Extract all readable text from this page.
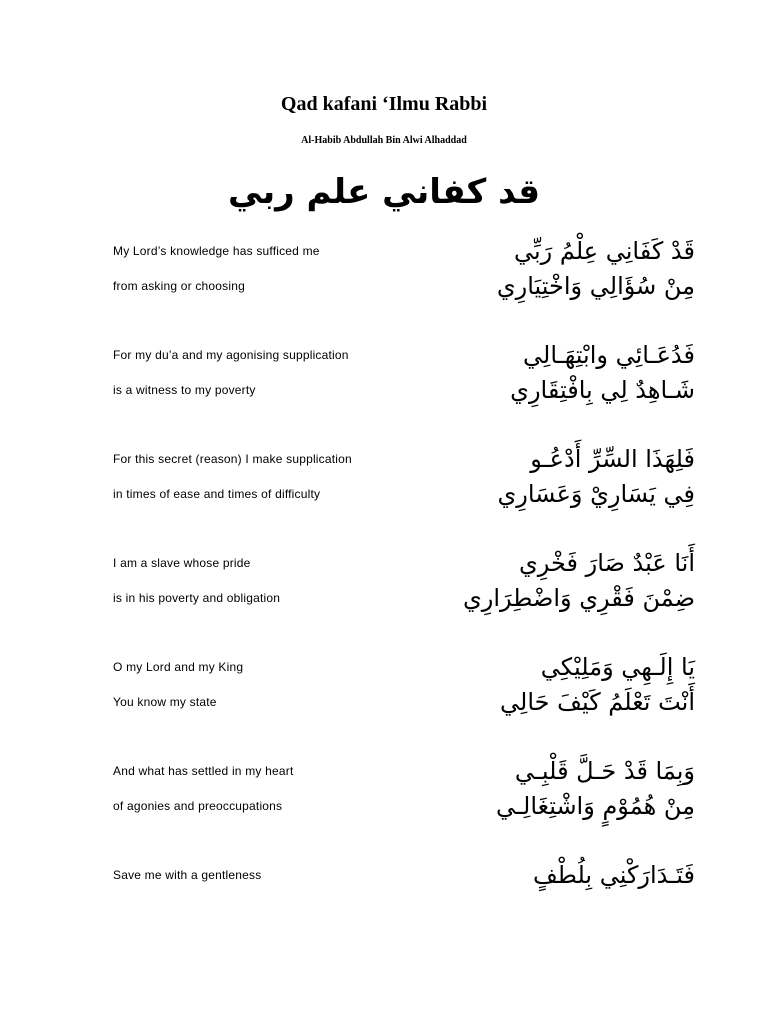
Qad kafani ‘Ilmu Rabbi
Al-Habib Abdullah Bin Alwi Alhaddad
قد كفاني علم ربي
My Lord’s knowledge has sufficed me	قَدْ كَفَانِي عِلْمُ رَبِّي
from asking or choosing	مِنْ سُؤَالِي وَاخْتِيَارِي
For my du’a and my agonising supplication	فَدُعَـائِي وابْتِهَـالِي
is a witness to my poverty	شَـاهِدٌ لِي بِافْتِقَارِي
For this secret (reason) I make supplication	فَلِهَذَا السِّرِّ أَدْعُـو
in times of ease and times of difficulty	فِي يَسَارِيْ وَعَسَارِي
I am a slave whose pride	أَنَا عَبْدٌ صَارَ فَخْرِي
is in his poverty and obligation	ضِمْنَ فَقْرِي وَاضْطِرَارِي
O my Lord and my King	يَا إِلَـهِي وَمَلِيْكِي
You know my state	أَنْتَ تَعْلَمُ كَيْفَ حَالِي
And what has settled in my heart	وَبِمَا قَدْ حَـلَّ قَلْبِـي
of agonies and preoccupations	مِنْ هُمُوْمٍ وَاشْتِغَالِـي
Save me with a gentleness	فَتَـدَارَكْنِي بِلُطْفٍ
